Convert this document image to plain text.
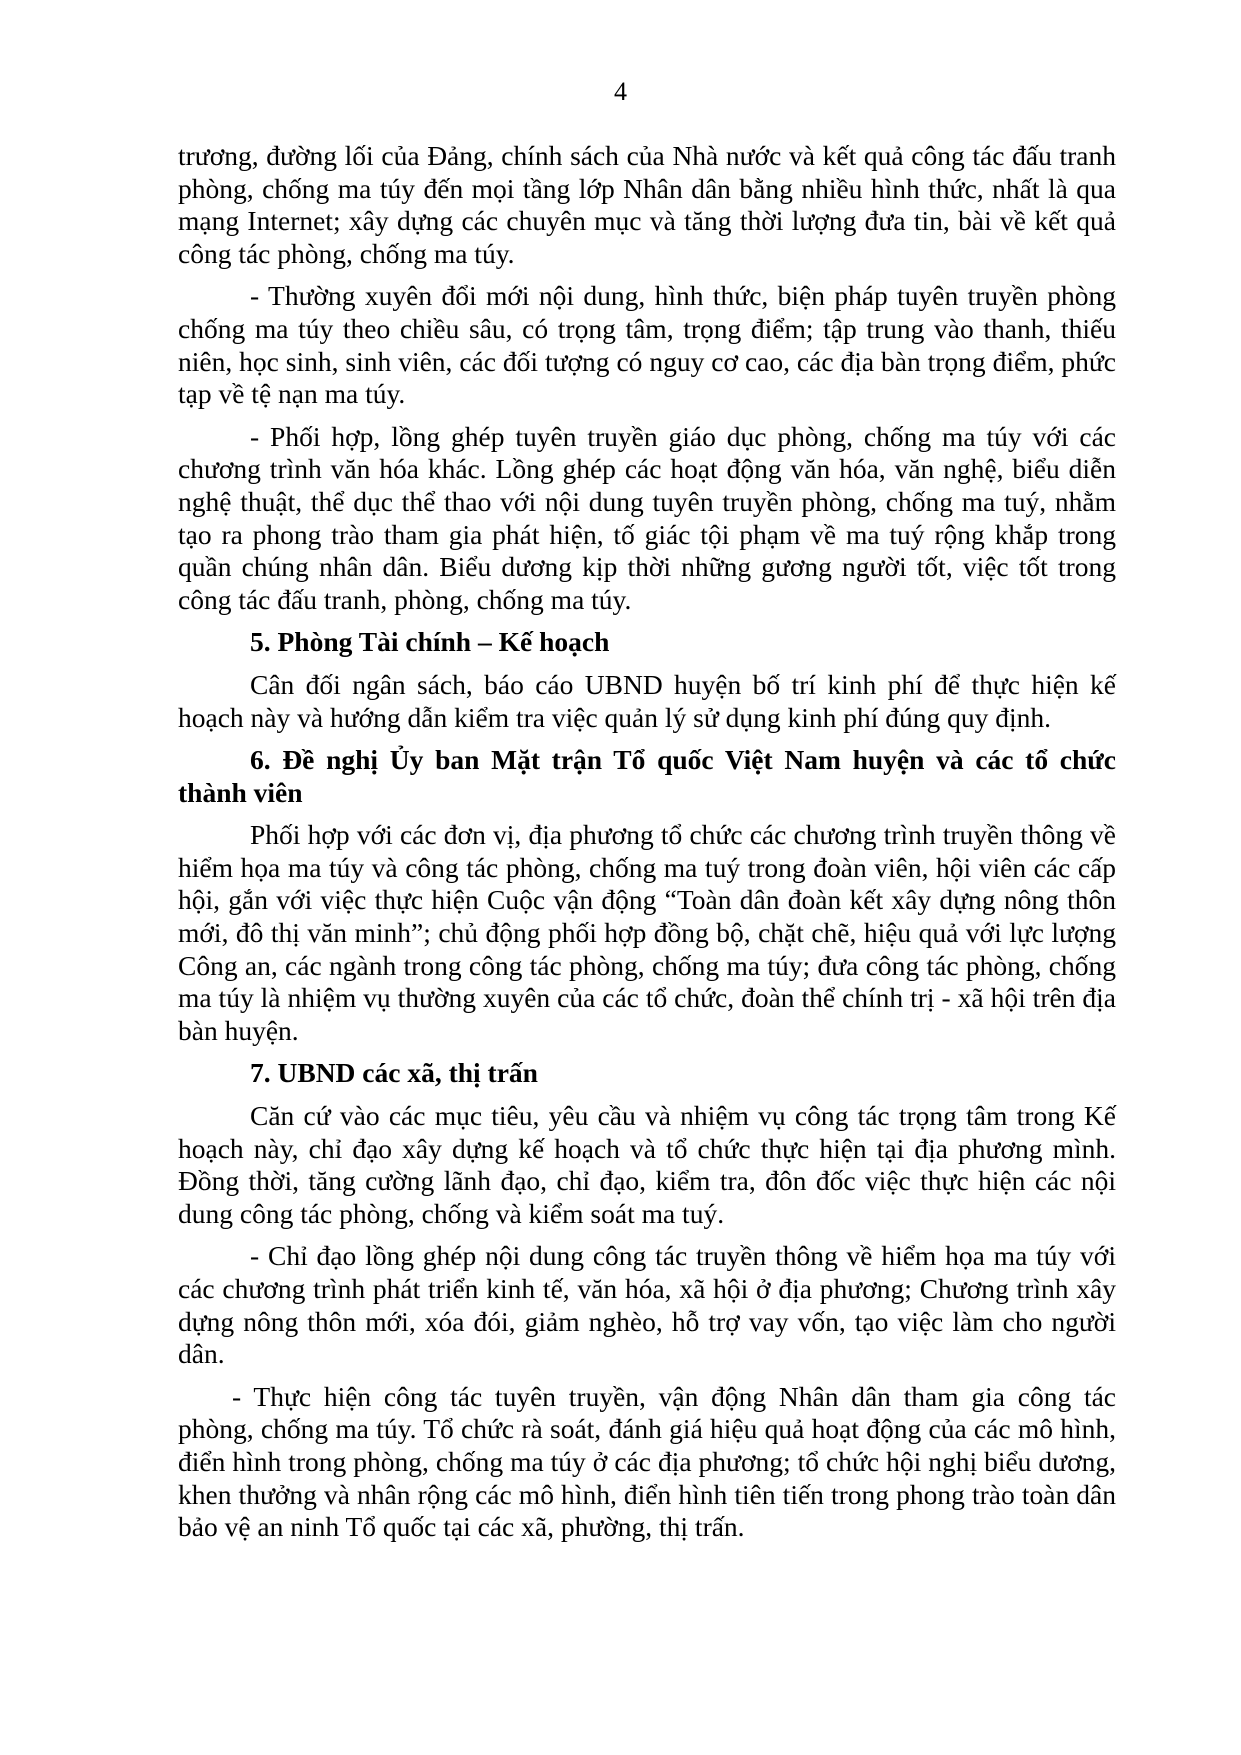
4

trương, đường lối của Đảng, chính sách của Nhà nước và kết quả công tác đấu tranh phòng, chống ma túy đến mọi tầng lớp Nhân dân bằng nhiều hình thức, nhất là qua mạng Internet; xây dựng các chuyên mục và tăng thời lượng đưa tin, bài về kết quả công tác phòng, chống ma túy.

- Thường xuyên đổi mới nội dung, hình thức, biện pháp tuyên truyền phòng chống ma túy theo chiều sâu, có trọng tâm, trọng điểm; tập trung vào thanh, thiếu niên, học sinh, sinh viên, các đối tượng có nguy cơ cao, các địa bàn trọng điểm, phức tạp về tệ nạn ma túy.

- Phối hợp, lồng ghép tuyên truyền giáo dục phòng, chống ma túy với các chương trình văn hóa khác. Lồng ghép các hoạt động văn hóa, văn nghệ, biểu diễn nghệ thuật, thể dục thể thao với nội dung tuyên truyền phòng, chống ma tuý, nhằm tạo ra phong trào tham gia phát hiện, tố giác tội phạm về ma tuý rộng khắp trong quần chúng nhân dân. Biểu dương kịp thời những gương người tốt, việc tốt trong công tác đấu tranh, phòng, chống ma túy.

5. Phòng Tài chính – Kế hoạch

Cân đối ngân sách, báo cáo UBND huyện bố trí kinh phí để thực hiện kế hoạch này và hướng dẫn kiểm tra việc quản lý sử dụng kinh phí đúng quy định.

6. Đề nghị Ủy ban Mặt trận Tổ quốc Việt Nam huyện và các tổ chức thành viên

Phối hợp với các đơn vị, địa phương tổ chức các chương trình truyền thông về hiểm họa ma túy và công tác phòng, chống ma tuý trong đoàn viên, hội viên các cấp hội, gắn với việc thực hiện Cuộc vận động “Toàn dân đoàn kết xây dựng nông thôn mới, đô thị văn minh”; chủ động phối hợp đồng bộ, chặt chẽ, hiệu quả với lực lượng Công an, các ngành trong công tác phòng, chống ma túy; đưa công tác phòng, chống ma túy là nhiệm vụ thường xuyên của các tổ chức, đoàn thể chính trị - xã hội trên địa bàn huyện.

7. UBND các xã, thị trấn

Căn cứ vào các mục tiêu, yêu cầu và nhiệm vụ công tác trọng tâm trong Kế hoạch này, chỉ đạo xây dựng kế hoạch và tổ chức thực hiện tại địa phương mình. Đồng thời, tăng cường lãnh đạo, chỉ đạo, kiểm tra, đôn đốc việc thực hiện các nội dung công tác phòng, chống và kiểm soát ma tuý.

- Chỉ đạo lồng ghép nội dung công tác truyền thông về hiểm họa ma túy với các chương trình phát triển kinh tế, văn hóa, xã hội ở địa phương; Chương trình xây dựng nông thôn mới, xóa đói, giảm nghèo, hỗ trợ vay vốn, tạo việc làm cho người dân.

- Thực hiện công tác tuyên truyền, vận động Nhân dân tham gia công tác phòng, chống ma túy. Tổ chức rà soát, đánh giá hiệu quả hoạt động của các mô hình, điển hình trong phòng, chống ma túy ở các địa phương; tổ chức hội nghị biểu dương, khen thưởng và nhân rộng các mô hình, điển hình tiên tiến trong phong trào toàn dân bảo vệ an ninh Tổ quốc tại các xã, phường, thị trấn.
